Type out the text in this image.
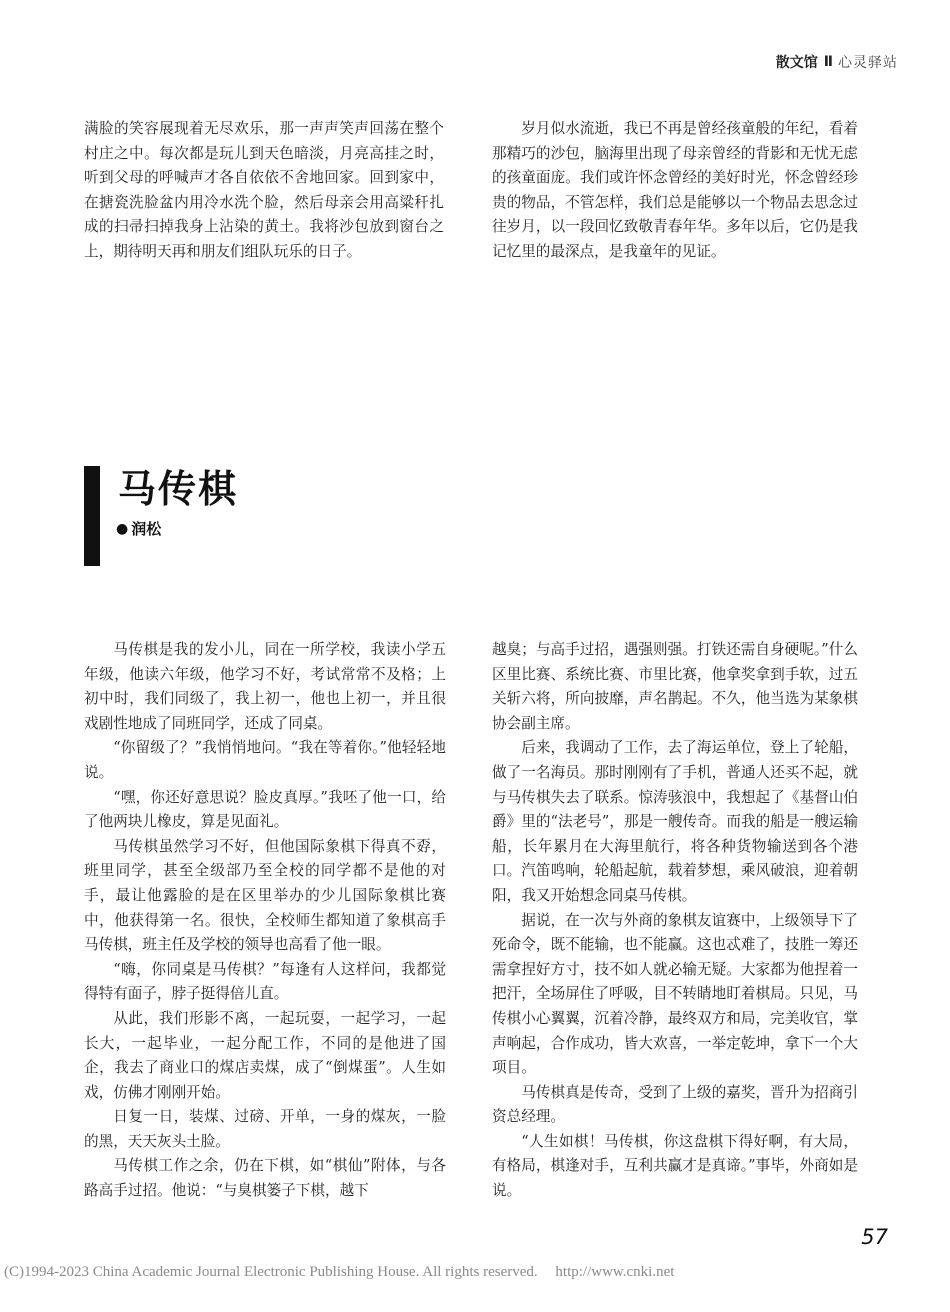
散文馆 Ⅱ 心灵驿站

满脸的笑容展现着无尽欢乐，那一声声笑声回荡在整个村庄之中。每次都是玩儿到天色暗淡，月亮高挂之时，听到父母的呼喊声才各自依依不舍地回家。回到家中，在搪瓷洗脸盆内用冷水洗个脸，然后母亲会用高粱秆扎成的扫帚扫掉我身上沾染的黄土。我将沙包放到窗台之上，期待明天再和朋友们组队玩乐的日子。

岁月似水流逝，我已不再是曾经孩童般的年纪，看着那精巧的沙包，脑海里出现了母亲曾经的背影和无忧无虑的孩童面庞。我们或许怀念曾经的美好时光，怀念曾经珍贵的物品，不管怎样，我们总是能够以一个物品去思念过往岁月，以一段回忆致敬青春年华。多年以后，它仍是我记忆里的最深点，是我童年的见证。

马传棋
● 润松

马传棋是我的发小儿，同在一所学校，我读小学五年级，他读六年级，他学习不好，考试常常不及格；上初中时，我们同级了，我上初一，他也上初一，并且很戏剧性地成了同班同学，还成了同桌。

“你留级了？”我悄悄地问。“我在等着你。”他轻轻地说。

“嘿，你还好意思说？脸皮真厚。”我呸了他一口，给了他两块儿橡皮，算是见面礼。

马传棋虽然学习不好，但他国际象棋下得真不孬，班里同学，甚至全级部乃至全校的同学都不是他的对手，最让他露脸的是在区里举办的少儿国际象棋比赛中，他获得第一名。很快，全校师生都知道了象棋高手马传棋，班主任及学校的领导也高看了他一眼。

“嗨，你同桌是马传棋？”每逢有人这样问，我都觉得特有面子，脖子挺得倍儿直。

从此，我们形影不离，一起玩耍，一起学习，一起长大，一起毕业，一起分配工作，不同的是他进了国企，我去了商业口的煤店卖煤，成了“倒煤蛋”。人生如戏，仿佛才刚刚开始。

日复一日，装煤、过磅、开单，一身的煤灰，一脸的黑，天天灰头土脸。

马传棋工作之余，仍在下棋，如“棋仙”附体，与各路高手过招。他说：“与臭棋篓子下棋，越下

越臭；与高手过招，遇强则强。打铁还需自身硬呢。”什么区里比赛、系统比赛、市里比赛，他拿奖拿到手软，过五关斩六将，所向披靡，声名鹊起。不久，他当选为某象棋协会副主席。

后来，我调动了工作，去了海运单位，登上了轮船，做了一名海员。那时刚刚有了手机，普通人还买不起，就与马传棋失去了联系。惊涛骇浪中，我想起了《基督山伯爵》里的“法老号”，那是一艘传奇。而我的船是一艘运输船，长年累月在大海里航行，将各种货物输送到各个港口。汽笛鸣响，轮船起航，载着梦想，乘风破浪，迎着朝阳，我又开始想念同桌马传棋。

据说，在一次与外商的象棋友谊赛中，上级领导下了死命令，既不能输，也不能赢。这也忒难了，技胜一筹还需拿捏好方寸，技不如人就必输无疑。大家都为他捏着一把汗，全场屏住了呼吸，目不转睛地盯着棋局。只见，马传棋小心翼翼，沉着冷静，最终双方和局，完美收官，掌声响起，合作成功，皆大欢喜，一举定乾坤，拿下一个大项目。

马传棋真是传奇，受到了上级的嘉奖，晋升为招商引资总经理。

“人生如棋！马传棋，你这盘棋下得好啊，有大局，有格局，棋逢对手，互利共赢才是真谛。”事毕，外商如是说。

57
(C)1994-2023 China Academic Journal Electronic Publishing House. All rights reserved. http://www.cnki.net
